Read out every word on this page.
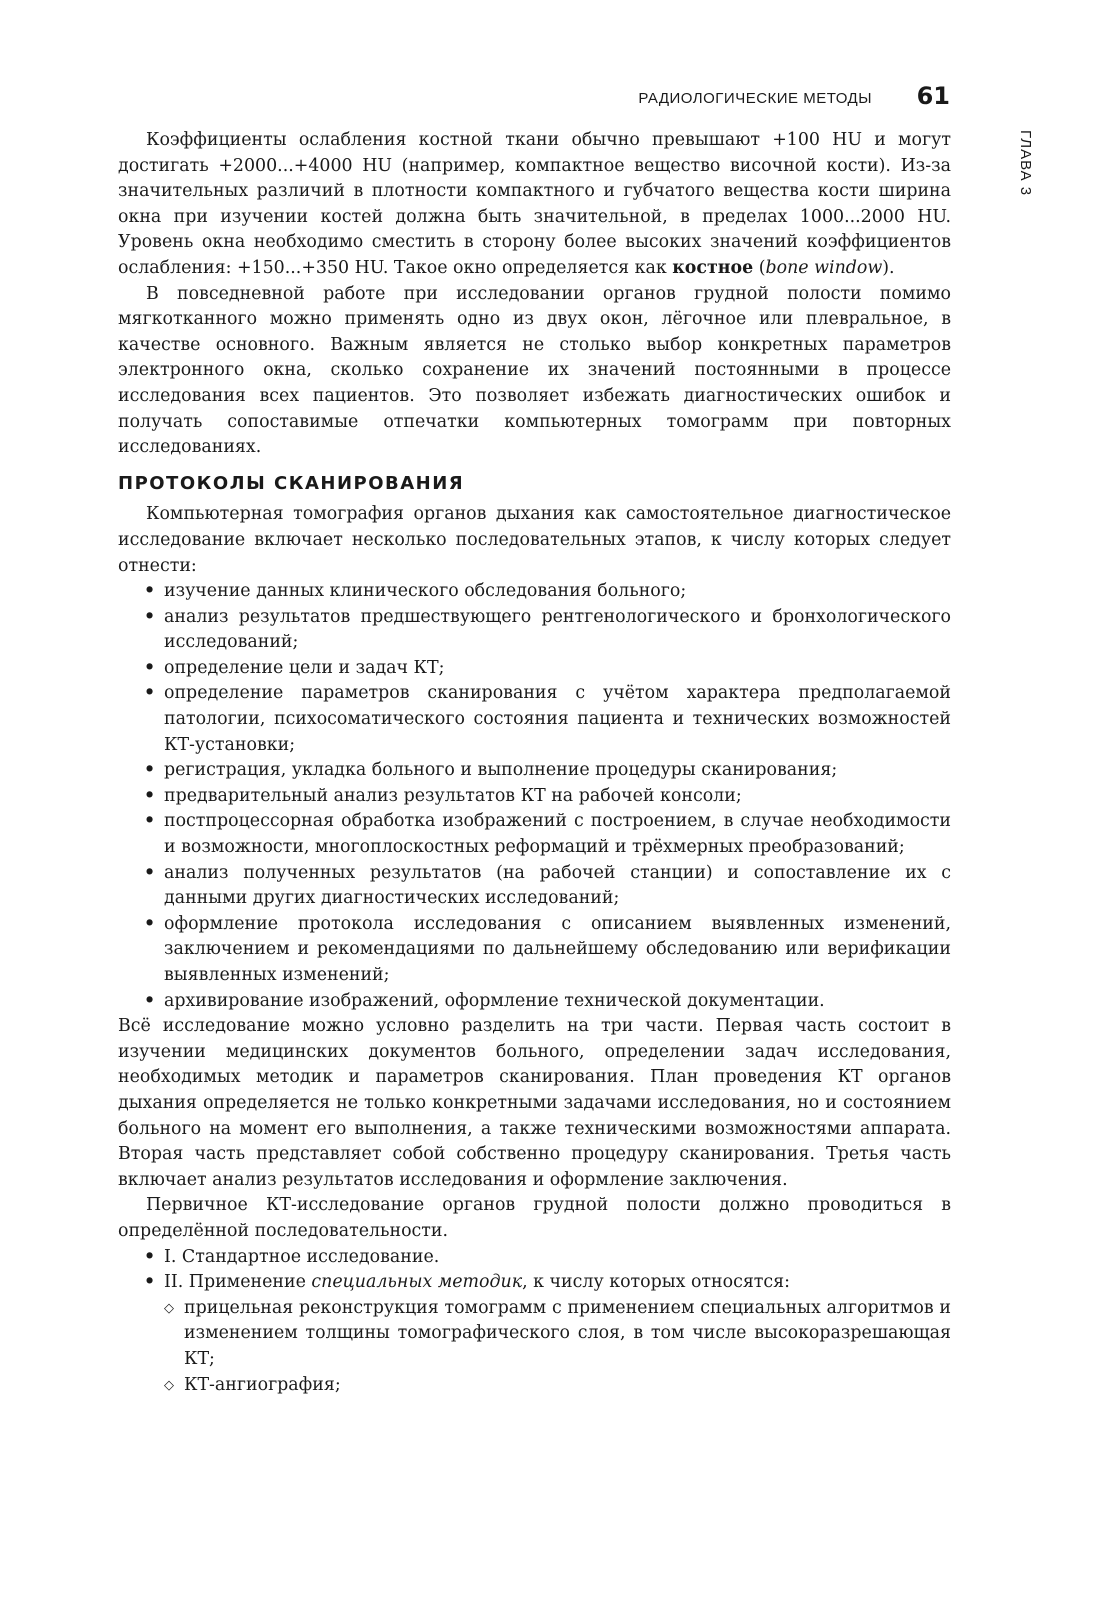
РАДИОЛОГИЧЕСКИЕ МЕТОДЫ 61
ГЛАВА 3

Коэффициенты ослабления костной ткани обычно превышают +100 HU и могут достигать +2000...+4000 HU (например, компактное вещество височной кости). Из-за значительных различий в плотности компактного и губчатого вещества кости ширина окна при изучении костей должна быть значительной, в пределах 1000...2000 HU. Уровень окна необходимо сместить в сторону более высоких значений коэффициентов ослабления: +150...+350 HU. Такое окно определяется как костное (bone window).

В повседневной работе при исследовании органов грудной полости помимо мягкотканного можно применять одно из двух окон, лёгочное или плевральное, в качестве основного. Важным является не столько выбор конкретных параметров электронного окна, сколько сохранение их значений постоянными в процессе исследования всех пациентов. Это позволяет избежать диагностических ошибок и получать сопоставимые отпечатки компьютерных томограмм при повторных исследованиях.

ПРОТОКОЛЫ СКАНИРОВАНИЯ

Компьютерная томография органов дыхания как самостоятельное диагностическое исследование включает несколько последовательных этапов, к числу которых следует отнести:

• изучение данных клинического обследования больного;
• анализ результатов предшествующего рентгенологического и бронхологического исследований;
• определение цели и задач КТ;
• определение параметров сканирования с учётом характера предполагаемой патологии, психосоматического состояния пациента и технических возможностей КТ-установки;
• регистрация, укладка больного и выполнение процедуры сканирования;
• предварительный анализ результатов КТ на рабочей консоли;
• постпроцессорная обработка изображений с построением, в случае необходимости и возможности, многоплоскостных реформаций и трёхмерных преобразований;
• анализ полученных результатов (на рабочей станции) и сопоставление их с данными других диагностических исследований;
• оформление протокола исследования с описанием выявленных изменений, заключением и рекомендациями по дальнейшему обследованию или верификации выявленных изменений;
• архивирование изображений, оформление технической документации.

Всё исследование можно условно разделить на три части. Первая часть состоит в изучении медицинских документов больного, определении задач исследования, необходимых методик и параметров сканирования. План проведения КТ органов дыхания определяется не только конкретными задачами исследования, но и состоянием больного на момент его выполнения, а также техническими возможностями аппарата. Вторая часть представляет собой собственно процедуру сканирования. Третья часть включает анализ результатов исследования и оформление заключения.

Первичное КТ-исследование органов грудной полости должно проводиться в определённой последовательности.

• I. Стандартное исследование.
• II. Применение специальных методик, к числу которых относятся:
◇ прицельная реконструкция томограмм с применением специальных алгоритмов и изменением толщины томографического слоя, в том числе высокоразрешающая КТ;
◇ КТ-ангиография;
